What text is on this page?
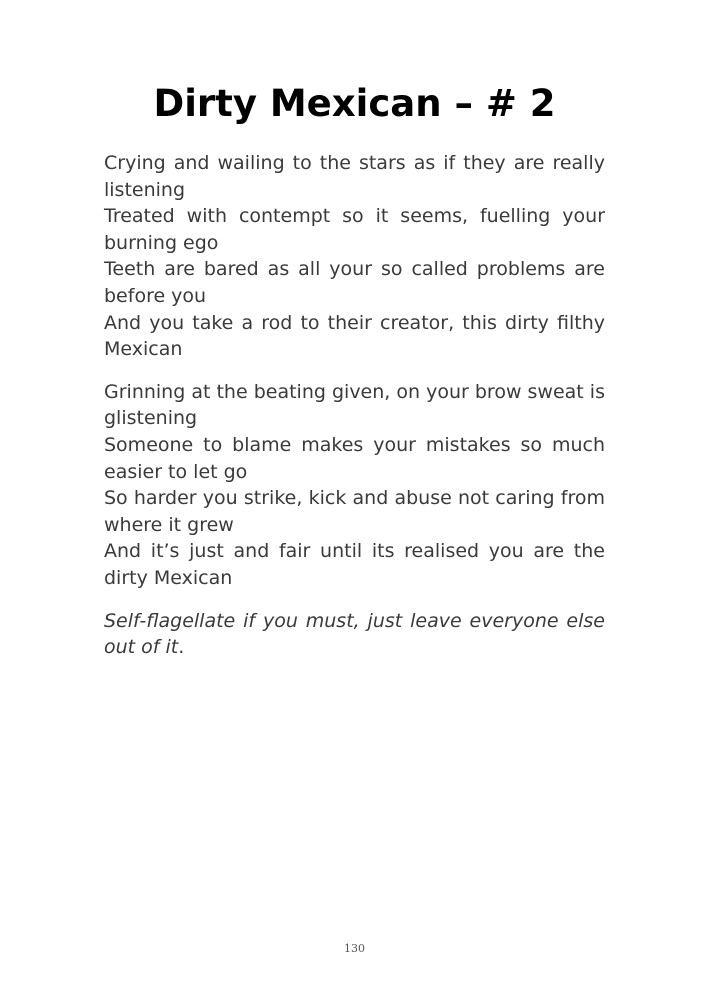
Dirty Mexican – # 2

Crying and wailing to the stars as if they are really listening

Treated with contempt so it seems, fuelling your burning ego

Teeth are bared as all your so called problems are before you

And you take a rod to their creator, this dirty filthy Mexican

Grinning at the beating given, on your brow sweat is glistening

Someone to blame makes your mistakes so much easier to let go

So harder you strike, kick and abuse not caring from where it grew

And it’s just and fair until its realised you are the dirty Mexican

Self-flagellate if you must, just leave everyone else out of it.

130
